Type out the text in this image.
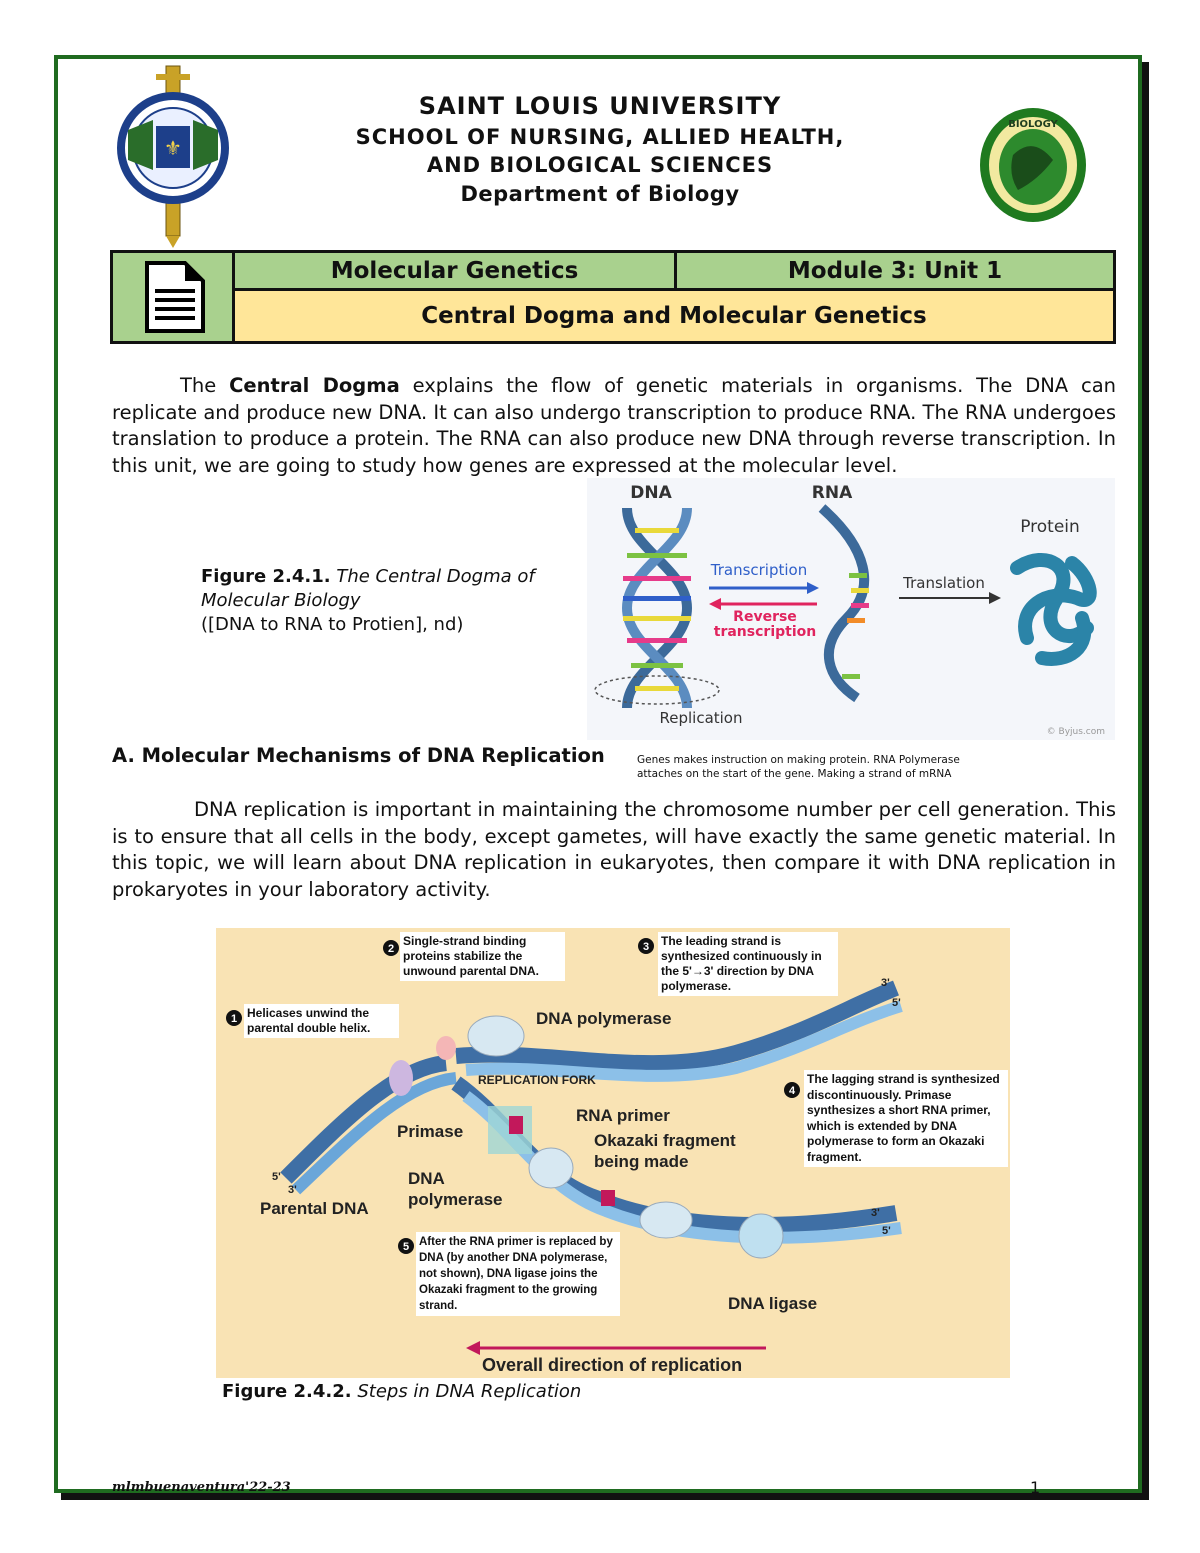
⚜
BIOLOGY
SAINT LOUIS UNIVERSITY
SCHOOL OF NURSING, ALLIED HEALTH,
AND BIOLOGICAL SCIENCES
Department of Biology
Molecular Genetics	Module 3: Unit 1
Central Dogma and Molecular Genetics

The Central Dogma explains the flow of genetic materials in organisms. The DNA can replicate and produce new DNA. It can also undergo transcription to produce RNA. The RNA undergoes translation to produce a protein. The RNA can also produce new DNA through reverse transcription. In this unit, we are going to study how genes are expressed at the molecular level.

Figure 2.4.1. The Central Dogma of Molecular Biology
([DNA to RNA to Protien], nd)
DNA	RNA
Protein
Replication
Transcription
Reverse
transcription
Translation
© Byjus.com
A. Molecular Mechanisms of DNA Replication	Genes makes instruction on making protein. RNA Polymerase attaches on the start of the gene. Making a strand of mRNA

DNA replication is important in maintaining the chromosome number per cell generation. This is to ensure that all cells in the body, except gametes, will have exactly the same genetic material. In this topic, we will learn about DNA replication in eukaryotes, then compare it with DNA replication in prokaryotes in your laboratory activity.

1 Helicases unwind the parental double helix.
2
Single-strand binding proteins stabilize the unwound parental DNA.
3 The leading strand is synthesized continuously in the 5'→3' direction by DNA polymerase.
4
The lagging strand is synthesized discontinuously. Primase synthesizes a short RNA primer, which is extended by DNA polymerase to form an Okazaki fragment.
5 After the RNA primer is replaced by DNA (by another DNA polymerase, not shown), DNA ligase joins the Okazaki fragment to the growing strand.
DNA polymerase
REPLICATION FORK
RNA primer
Primase	Okazaki fragment being made
DNA polymerase
Parental DNA
DNA ligase
3'
5'
3'
5'
5'
3'
Overall direction of replication
Figure 2.4.2. Steps in DNA Replication
mlmbuenaventura'22-23	1
